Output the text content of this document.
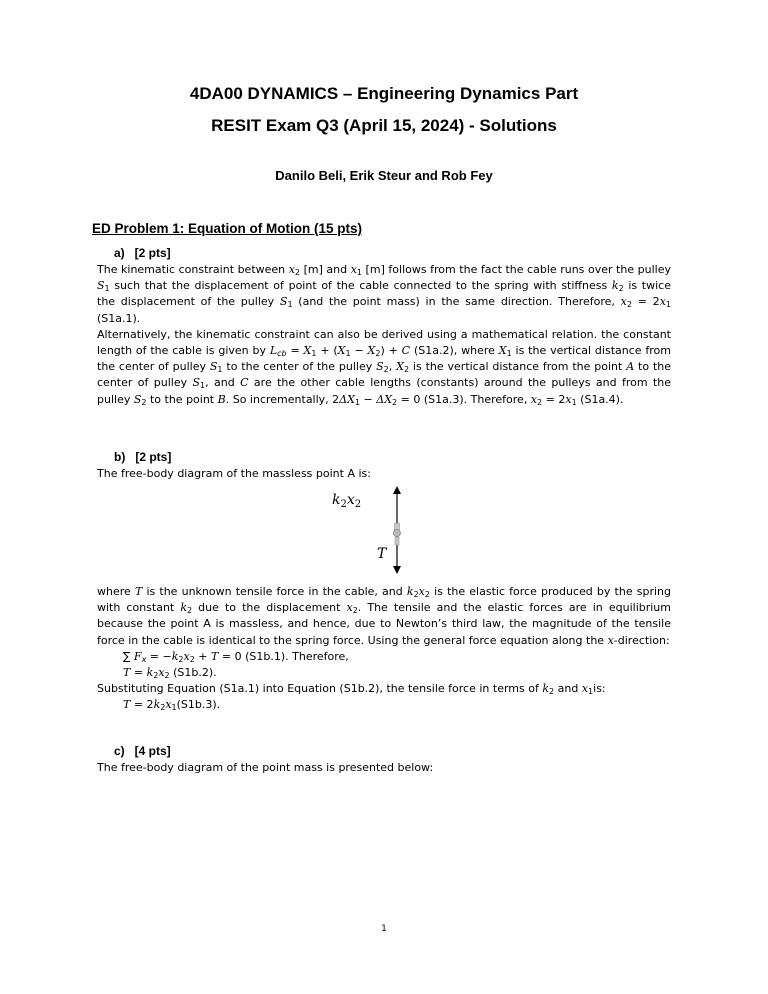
4DA00 DYNAMICS – Engineering Dynamics Part
RESIT Exam Q3 (April 15, 2024) - Solutions
Danilo Beli, Erik Steur and Rob Fey
ED Problem 1: Equation of Motion (15 pts)
a) [2 pts]

The kinematic constraint between $x_2$ [m] and $x_1$ [m] follows from the fact the cable runs over the pulley $S_1$ such that the displacement of point of the cable connected to the spring with stiffness $k_2$ is twice the displacement of the pulley $S_1$ (and the point mass) in the same direction. Therefore, $x_2 = 2x_1$ (S1a.1).

Alternatively, the kinematic constraint can also be derived using a mathematical relation. the constant length of the cable is given by $L_{cb} = X_1 + (X_1 - X_2) + C$ (S1a.2), where $X_1$ is the vertical distance from the center of pulley $S_1$ to the center of the pulley $S_2$, $X_2$ is the vertical distance from the point A to the center of pulley $S_1$, and C are the other cable lengths (constants) around the pulleys and from the pulley $S_2$ to the point B. So incrementally, $2\Delta X_1 - \Delta X_2 = 0$ (S1a.3). Therefore, $x_2 = 2x_1$ (S1a.4).

b) [2 pts]
The free-body diagram of the massless point A is:
$k_2x_2$
T

where T is the unknown tensile force in the cable, and $k_2x_2$ is the elastic force produced by the spring with constant $k_2$ due to the displacement $x_2$. The tensile and the elastic forces are in equilibrium because the point A is massless, and hence, due to Newton’s third law, the magnitude of the tensile force in the cable is identical to the spring force. Using the general force equation along the x-direction:

∑ $F_x = -k_2x_2 + T = 0$ (S1b.1). Therefore,

$T = k_2x_2$ (S1b.2).

Substituting Equation (S1a.1) into Equation (S1b.2), the tensile force in terms of $k_2$ and $x_1is$:

$T = 2k_2x_1(S1b.3)$.

c) [4 pts]
The free-body diagram of the point mass is presented below:
1
